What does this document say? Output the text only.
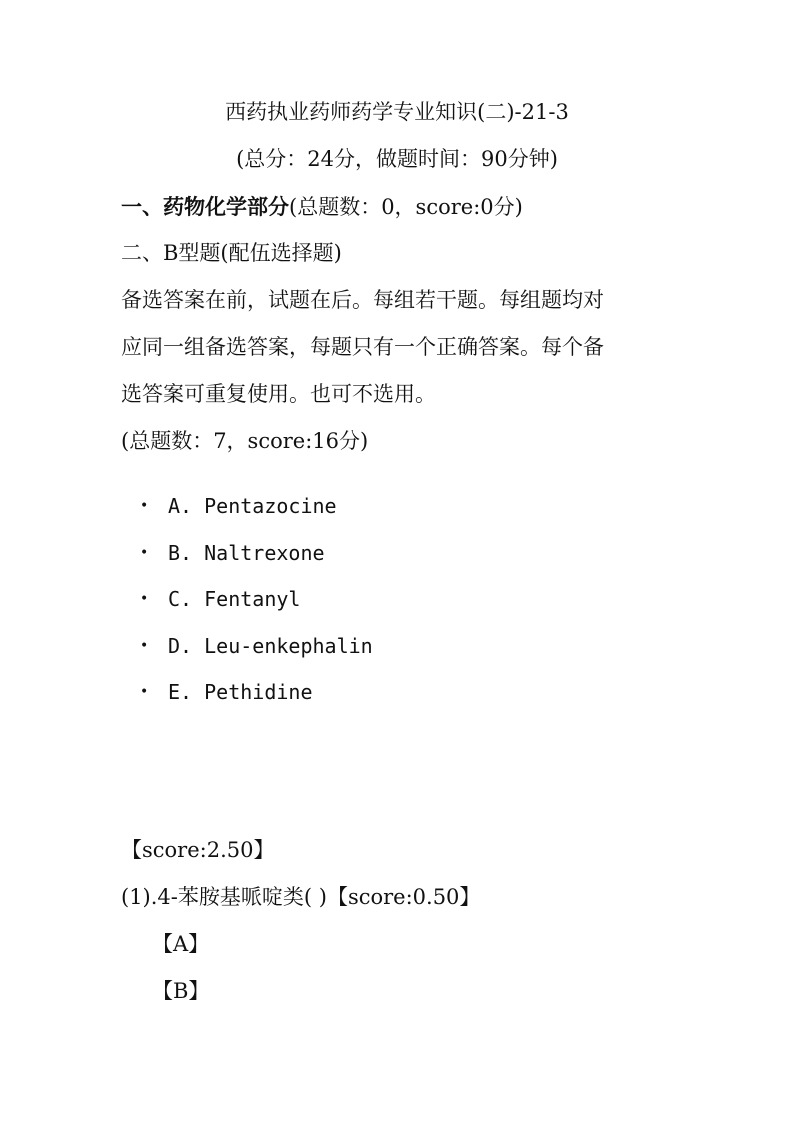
西药执业药师药学专业知识(二)-21-3
(总分：24分，做题时间：90分钟)
一、药物化学部分(总题数：0，score:0分)
二、B型题(配伍选择题)
备选答案在前，试题在后。每组若干题。每组题均对
应同一组备选答案，每题只有一个正确答案。每个备
选答案可重复使用。也可不选用。
(总题数：7，score:16分)
• A. Pentazocine
• B. Naltrexone
• C. Fentanyl
• D. Leu-enkephalin
• E. Pethidine
【score:2.50】
(1).4-苯胺基哌啶类( )【score:0.50】
【A】
【B】
